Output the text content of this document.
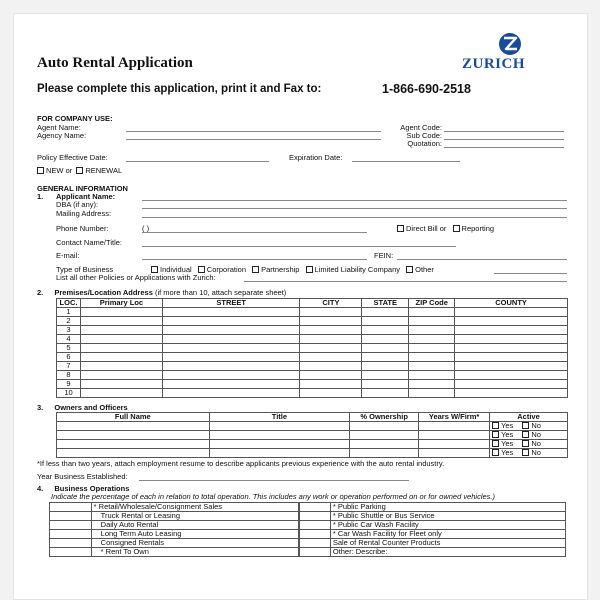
Auto Rental Application
Please complete this application, print it and Fax to:	1-866-690-2518
ZURICH
FOR COMPANY USE:
Agent Name:
Agency Name:
Agent Code:
Sub Code:
Quotation:
Policy Effective Date:	Expiration Date:
NEW or RENEWAL
GENERAL INFORMATION
1. Applicant Name:
DBA (if any):
Mailing Address:
Phone Number:	( )	Direct Bill or Reporting
Contact Name/Title:
E-mail:	FEIN:
Type of Business	Individual Corporation Partnership Limited Liability Company Other
List all other Policies or Applications with Zurich:
2. Premises/Location Address (if more than 10, attach separate sheet)
LOC.	Primary Loc	STREET	CITY	STATE	ZIP Code	COUNTY
1						
2						
3						
4						
5						
6						
7						
8						
9						
10						
3. Owners and Officers
Full Name	Title	% Ownership	Years W/Firm*	Active
				Yes No
				Yes No
				Yes No
				Yes No
*If less than two years, attach employment resume to describe applicants previous experience with the auto rental industry.
Year Business Established:
4. Business Operations
Indicate the percentage of each in relation to total operation. This includes any work or operation performed on or for owned vehicles.)
	* Retail/Wholesale/Consignment Sales
	Truck Rental or Leasing
	Daily Auto Rental
	Long Term Auto Leasing
	Consigned Rentals
	* Rent To Own
	* Public Parking
	* Public Shuttle or Bus Service
	* Public Car Wash Facility
	* Car Wash Facility for Fleet only
	Sale of Rental Counter Products
	Other: Describe:
